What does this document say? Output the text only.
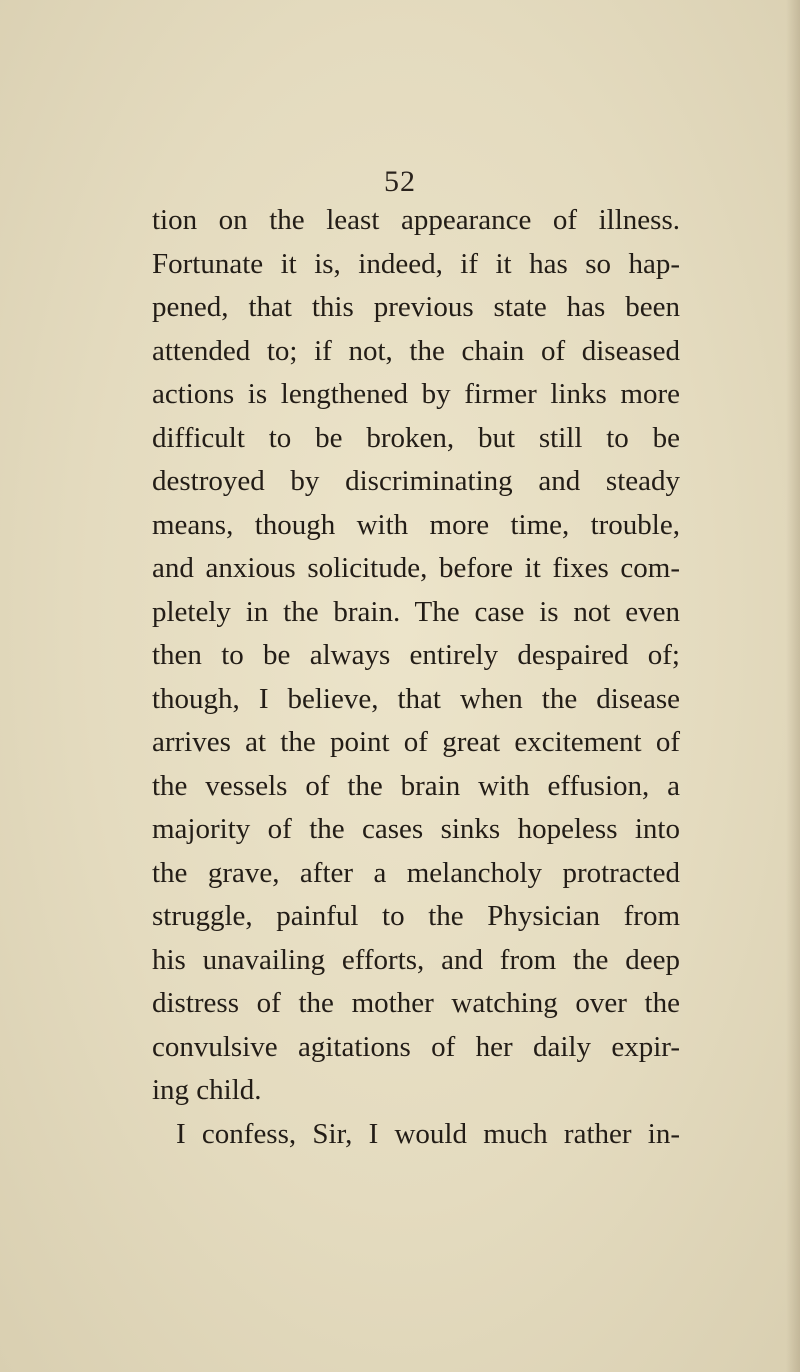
52
tion on the least appearance of illness.
Fortunate it is, indeed, if it has so hap-
pened, that this previous state has been
attended to; if not, the chain of diseased
actions is lengthened by firmer links more
difficult to be broken, but still to be
destroyed by discriminating and steady
means, though with more time, trouble,
and anxious solicitude, before it fixes com-
pletely in the brain. The case is not even
then to be always entirely despaired of;
though, I believe, that when the disease
arrives at the point of great excitement of
the vessels of the brain with effusion, a
majority of the cases sinks hopeless into
the grave, after a melancholy protracted
struggle, painful to the Physician from
his unavailing efforts, and from the deep
distress of the mother watching over the
convulsive agitations of her daily expir-
ing child.
I confess, Sir, I would much rather in-
